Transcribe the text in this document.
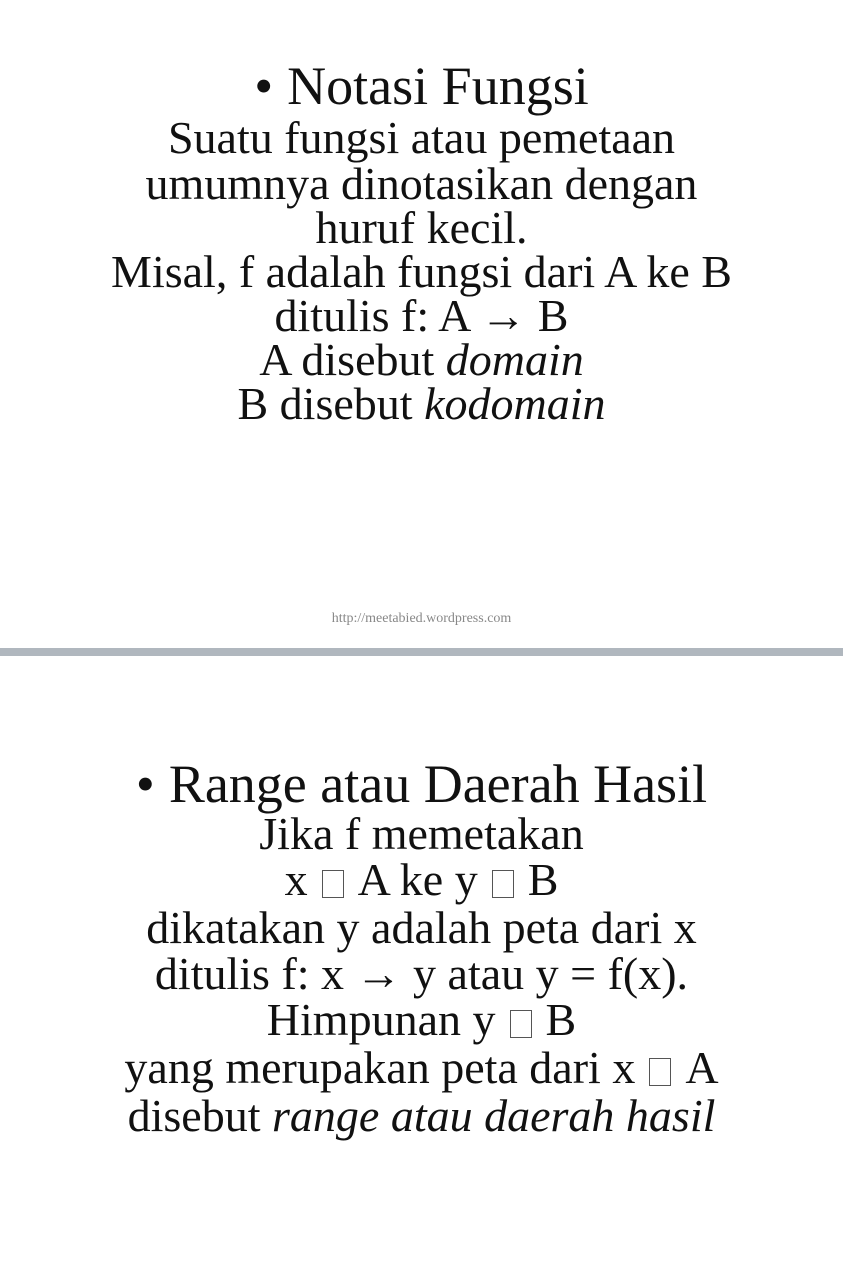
• Notasi Fungsi
Suatu fungsi atau pemetaan
umumnya dinotasikan dengan
huruf kecil.
Misal, f adalah fungsi dari A ke B
ditulis f: A → B
A disebut domain
B disebut kodomain
http://meetabied.wordpress.com
• Range atau Daerah Hasil
Jika f memetakan
x A ke y B
dikatakan y adalah peta dari x
ditulis f: x → y atau y = f(x).
Himpunan y B
yang merupakan peta dari x A
disebut range atau daerah hasil
